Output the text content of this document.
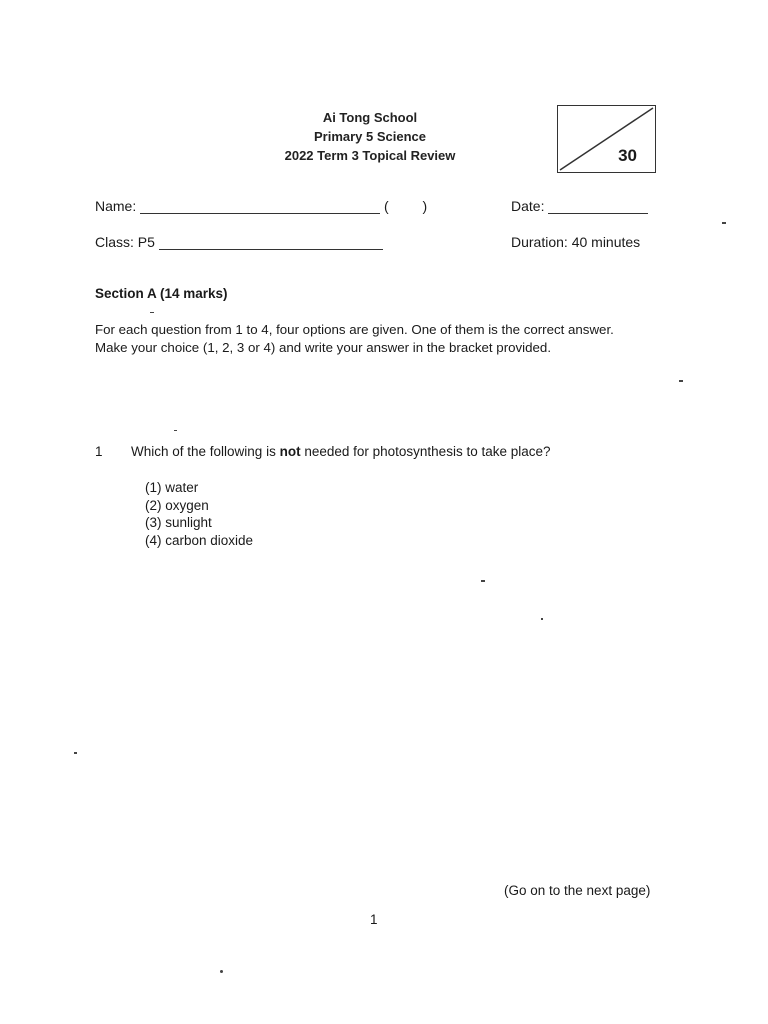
Ai Tong School
Primary 5 Science
2022 Term 3 Topical Review	30
Name:	( )	Date:
Class: P5	Duration: 40 minutes
Section A (14 marks)
For each question from 1 to 4, four options are given. One of them is the correct answer.
Make your choice (1, 2, 3 or 4) and write your answer in the bracket provided.
1 Which of the following is not needed for photosynthesis to take place?
(1) water
(2) oxygen
(3) sunlight
(4) carbon dioxide
(Go on to the next page)
1
